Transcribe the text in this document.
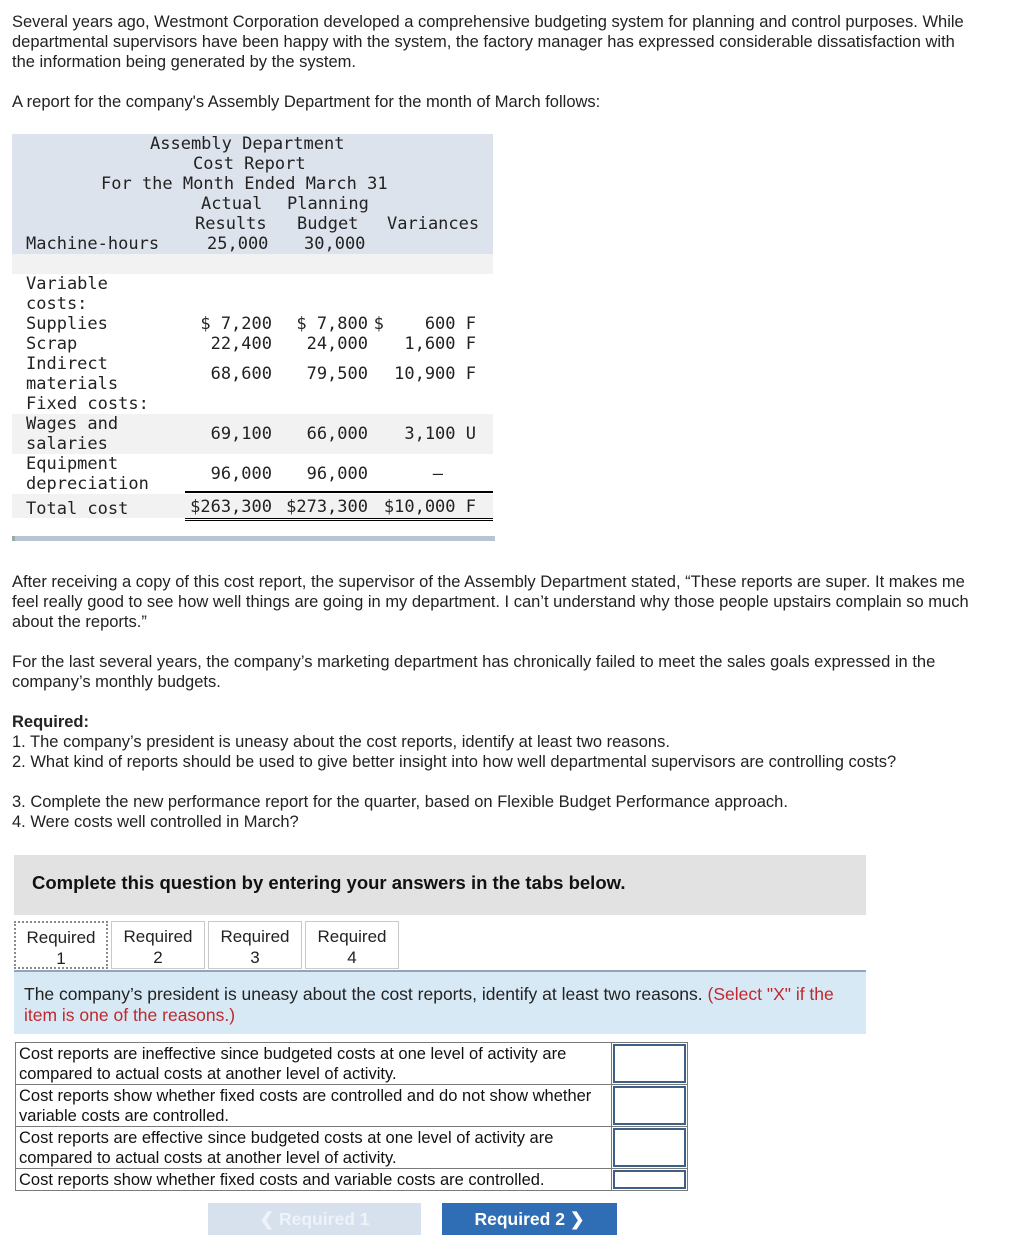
Several years ago, Westmont Corporation developed a comprehensive budgeting system for planning and control purposes. While departmental supervisors have been happy with the system, the factory manager has expressed considerable dissatisfaction with the information being generated by the system.

A report for the company's Assembly Department for the month of March follows:

Assembly Department
Cost Report
For the Month Ended March 31
Actual Planning
Results Budget Variances
Machine-hours	25,000 30,000
Variable costs:
Supplies	$ 7,200	$ 7,800 $    600 F
Scrap	22,400	24,000	1,600 F
Indirect materials	68,600	79,500	10,900 F
Fixed costs:
Wages and salaries	69,100	66,000	3,100 U
Equipment depreciation	96,000	96,000	—
Total cost	$263,300 $273,300 $10,000 F

After receiving a copy of this cost report, the supervisor of the Assembly Department stated, “These reports are super. It makes me feel really good to see how well things are going in my department. I can’t understand why those people upstairs complain so much about the reports.”

For the last several years, the company’s marketing department has chronically failed to meet the sales goals expressed in the company’s monthly budgets.

Required:

1. The company’s president is uneasy about the cost reports, identify at least two reasons.

2. What kind of reports should be used to give better insight into how well departmental supervisors are controlling costs?

3. Complete the new performance report for the quarter, based on Flexible Budget Performance approach.

4. Were costs well controlled in March?

Complete this question by entering your answers in the tabs below.
Required
1
Required
2
Required
3
Required
4

The company’s president is uneasy about the cost reports, identify at least two reasons. (Select "X" if the item is one of the reasons.)

Cost reports are ineffective since budgeted costs at one level of activity are compared to actual costs at another level of activity.
Cost reports show whether fixed costs are controlled and do not show whether variable costs are controlled.
Cost reports are effective since budgeted costs at one level of activity are compared to actual costs at another level of activity.
Cost reports show whether fixed costs and variable costs are controlled.
❮ Required 1	Required 2 ❯
